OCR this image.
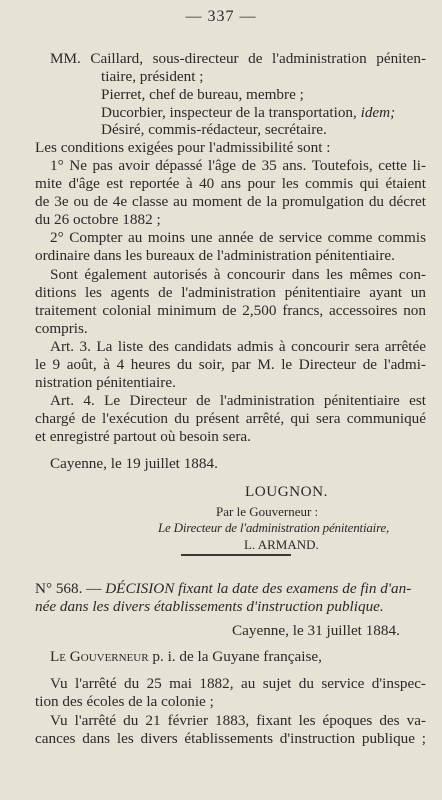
— 337 —
MM. Caillard, sous-directeur de l'administration péniten-
tiaire, président ;
Pierret, chef de bureau, membre ;
Ducorbier, inspecteur de la transportation, idem;
Désiré, commis-rédacteur, secrétaire.
Les conditions exigées pour l'admissibilité sont :
1° Ne pas avoir dépassé l'âge de 35 ans. Toutefois, cette li-
mite d'âge est reportée à 40 ans pour les commis qui étaient
de 3e ou de 4e classe au moment de la promulgation du décret
du 26 octobre 1882 ;
2° Compter au moins une année de service comme commis
ordinaire dans les bureaux de l'administration pénitentiaire.
Sont également autorisés à concourir dans les mêmes con-
ditions les agents de l'administration pénitentiaire ayant un
traitement colonial minimum de 2,500 francs, accessoires non
compris.
Art. 3. La liste des candidats admis à concourir sera arrêtée
le 9 août, à 4 heures du soir, par M. le Directeur de l'admi-
nistration pénitentiaire.
Art. 4. Le Directeur de l'administration pénitentiaire est
chargé de l'exécution du présent arrêté, qui sera communiqué
et enregistré partout où besoin sera.
Cayenne, le 19 juillet 1884.
LOUGNON.
Par le Gouverneur :
Le Directeur de l'administration pénitentiaire,
L. ARMAND.
N° 568. — DÉCISION fixant la date des examens de fin d'an-
née dans les divers établissements d'instruction publique.
Cayenne, le 31 juillet 1884.
Le Gouverneur p. i. de la Guyane française,
Vu l'arrêté du 25 mai 1882, au sujet du service d'inspec-
tion des écoles de la colonie ;
Vu l'arrêté du 21 février 1883, fixant les époques des va-
cances dans les divers établissements d'instruction publique ;
